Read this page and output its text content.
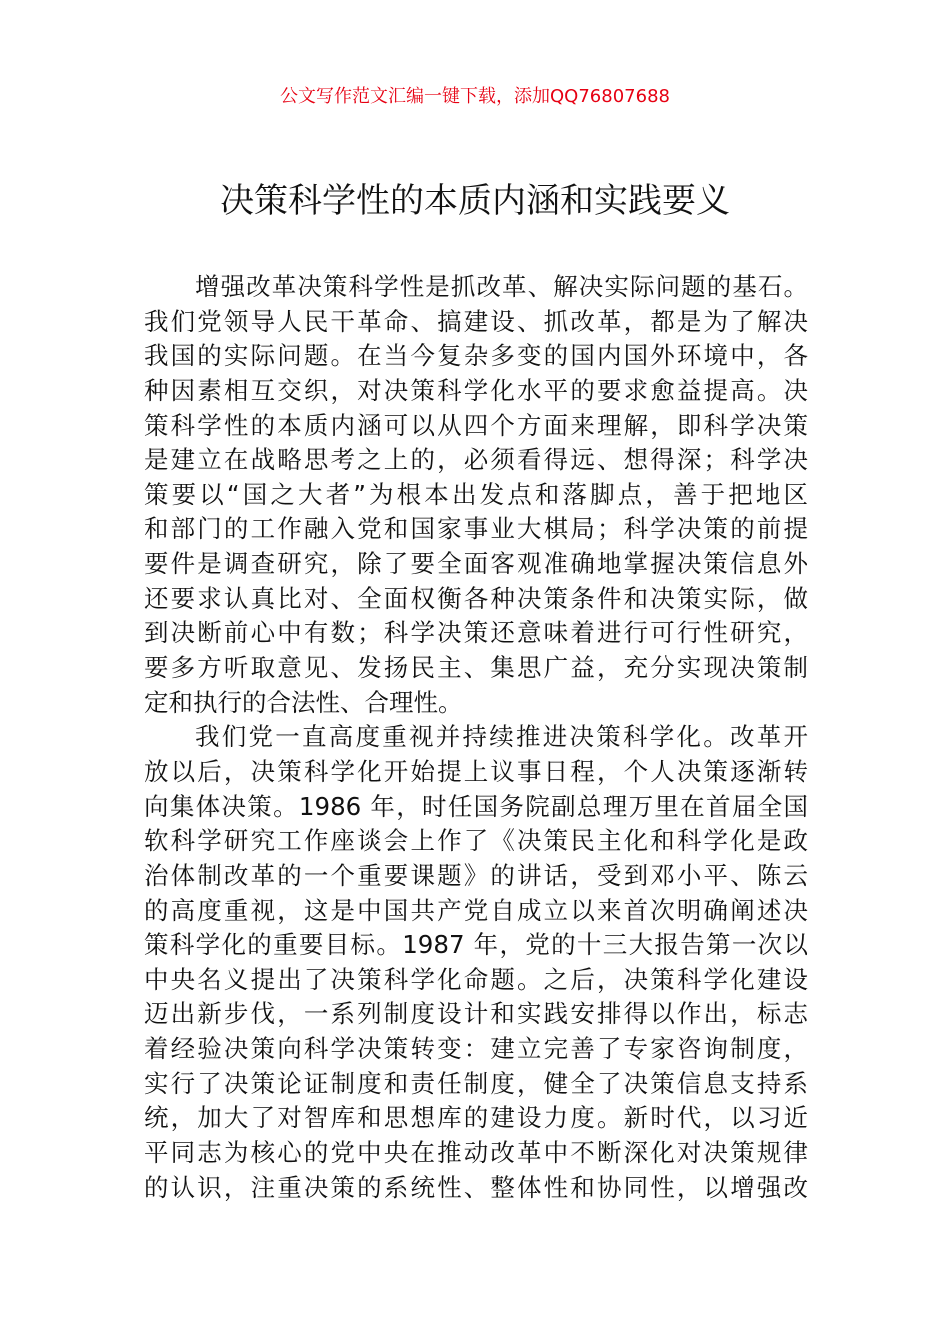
公文写作范文汇编一键下载，添加QQ76807688
决策科学性的本质内涵和实践要义
增强改革决策科学性是抓改革、解决实际问题的基石。
我们党领导人民干革命、搞建设、抓改革，都是为了解决
我国的实际问题。在当今复杂多变的国内国外环境中，各
种因素相互交织，对决策科学化水平的要求愈益提高。决
策科学性的本质内涵可以从四个方面来理解，即科学决策
是建立在战略思考之上的，必须看得远、想得深；科学决
策要以“国之大者”为根本出发点和落脚点，善于把地区
和部门的工作融入党和国家事业大棋局；科学决策的前提
要件是调查研究，除了要全面客观准确地掌握决策信息外
还要求认真比对、全面权衡各种决策条件和决策实际，做
到决断前心中有数；科学决策还意味着进行可行性研究，
要多方听取意见、发扬民主、集思广益，充分实现决策制
定和执行的合法性、合理性。
我们党一直高度重视并持续推进决策科学化。改革开
放以后，决策科学化开始提上议事日程，个人决策逐渐转
向集体决策。1986 年，时任国务院副总理万里在首届全国
软科学研究工作座谈会上作了《决策民主化和科学化是政
治体制改革的一个重要课题》的讲话，受到邓小平、陈云
的高度重视，这是中国共产党自成立以来首次明确阐述决
策科学化的重要目标。1987 年，党的十三大报告第一次以
中央名义提出了决策科学化命题。之后，决策科学化建设
迈出新步伐，一系列制度设计和实践安排得以作出，标志
着经验决策向科学决策转变：建立完善了专家咨询制度，
实行了决策论证制度和责任制度，健全了决策信息支持系
统，加大了对智库和思想库的建设力度。新时代，以习近
平同志为核心的党中央在推动改革中不断深化对决策规律
的认识，注重决策的系统性、整体性和协同性，以增强改
